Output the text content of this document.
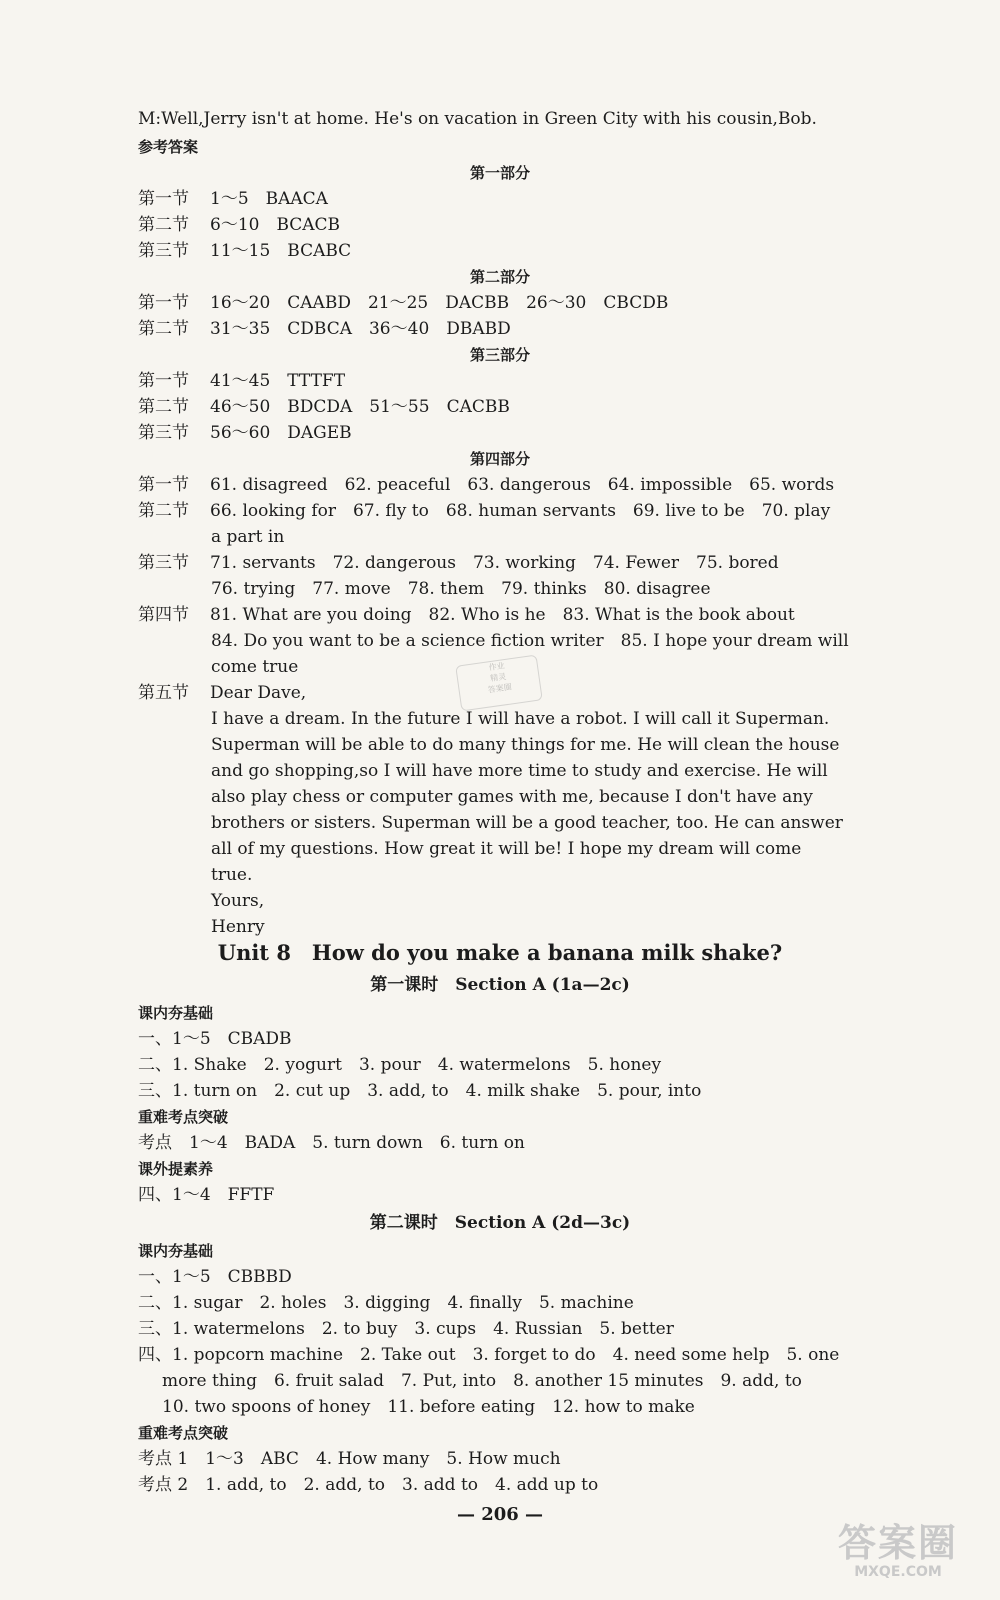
M:Well,Jerry isn't at home. He's on vacation in Green City with his cousin,Bob.
参考答案
第一部分
第一节 1～5　BAACA
第二节 6～10　BCACB
第三节 11～15　BCABC
第二部分
第一节 16～20　CAABD　21～25　DACBB　26～30　CBCDB
第二节 31～35　CDBCA　36～40　DBABD
第三部分
第一节 41～45　TTTFT
第二节 46～50　BDCDA　51～55　CACBB
第三节 56～60　DAGEB
第四部分
第一节 61. disagreed　62. peaceful　63. dangerous　64. impossible　65. words
第二节 66. looking for　67. fly to　68. human servants　69. live to be　70. play
a part in
第三节 71. servants　72. dangerous　73. working　74. Fewer　75. bored
76. trying　77. move　78. them　79. thinks　80. disagree
第四节 81. What are you doing　82. Who is he　83. What is the book about
84. Do you want to be a science fiction writer　85. I hope your dream will
come true
第五节 Dear Dave,
I have a dream. In the future I will have a robot. I will call it Superman.
Superman will be able to do many things for me. He will clean the house
and go shopping,so I will have more time to study and exercise. He will
also play chess or computer games with me, because I don't have any
brothers or sisters. Superman will be a good teacher, too. He can answer
all of my questions. How great it will be! I hope my dream will come
true.
Yours,
Henry
作业
精灵
答案圈
Unit 8　How do you make a banana milk shake?
第一课时　Section A (1a—2c)
课内夯基础
一、1～5　CBADB
二、1. Shake　2. yogurt　3. pour　4. watermelons　5. honey
三、1. turn on　2. cut up　3. add, to　4. milk shake　5. pour, into
重难考点突破
考点　1～4　BADA　5. turn down　6. turn on
课外提素养
四、1～4　FFTF
第二课时　Section A (2d—3c)
课内夯基础
一、1～5　CBBBD
二、1. sugar　2. holes　3. digging　4. finally　5. machine
三、1. watermelons　2. to buy　3. cups　4. Russian　5. better
四、1. popcorn machine　2. Take out　3. forget to do　4. need some help　5. one
more thing　6. fruit salad　7. Put, into　8. another 15 minutes　9. add, to
10. two spoons of honey　11. before eating　12. how to make
重难考点突破
考点 1　1～3　ABC　4. How many　5. How much
考点 2　1. add, to　2. add, to　3. add to　4. add up to
— 206 —
答案圈
MXQE.COM
